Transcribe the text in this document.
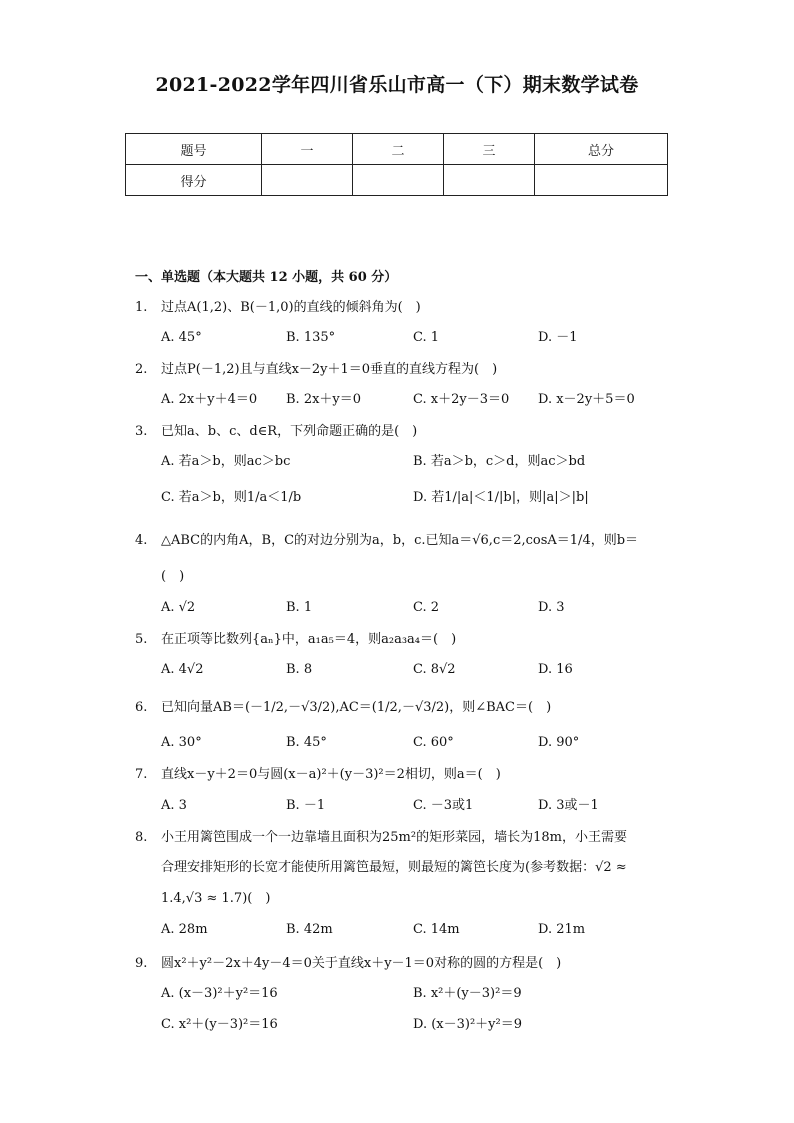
2021-2022学年四川省乐山市高一（下）期末数学试卷
题号	一	二	三	总分
得分				
一、单选题（本大题共 12 小题，共 60 分）
1.	过点A(1,2)、B(－1,0)的直线的倾斜角为(　)
A. 45°	B. 135°	C. 1	D. －1
2.	过点P(－1,2)且与直线x－2y＋1＝0垂直的直线方程为(　)
A. 2x＋y＋4＝0 B. 2x＋y＝0	C. x＋2y－3＝0 D. x－2y＋5＝0
3.	已知a、b、c、d∈R，下列命题正确的是(　)
A. 若a＞b，则ac＞bc	B. 若a＞b，c＞d，则ac＞bd
C. 若a＞b，则1/a＜1/b	D. 若1/|a|＜1/|b|，则|a|＞|b|
4.	△ABC的内角A，B，C的对边分别为a，b，c.已知a＝√6,c＝2,cosA＝1/4，则b＝
(　)
A. √2	B. 1	C. 2	D. 3
5.	在正项等比数列{aₙ}中，a₁a₅＝4，则a₂a₃a₄＝(　)
A. 4√2	B. 8	C. 8√2	D. 16
6.	已知向量AB＝(－1/2,－√3/2),AC＝(1/2,－√3/2)，则∠BAC＝(　)
A. 30°	B. 45°	C. 60°	D. 90°
7.	直线x－y＋2＝0与圆(x－a)²＋(y－3)²＝2相切，则a＝(　)
A. 3	B. －1	C. －3或1	D. 3或－1
8.	小王用篱笆围成一个一边靠墙且面积为25m²的矩形菜园，墙长为18m，小王需要
合理安排矩形的长宽才能使所用篱笆最短，则最短的篱笆长度为(参考数据：√2 ≈
1.4,√3 ≈ 1.7)(　)
A. 28m	B. 42m	C. 14m	D. 21m
9.	圆x²＋y²－2x＋4y－4＝0关于直线x＋y－1＝0对称的圆的方程是(　)
A. (x－3)²＋y²＝16	B. x²＋(y－3)²＝9
C. x²＋(y－3)²＝16	D. (x－3)²＋y²＝9
